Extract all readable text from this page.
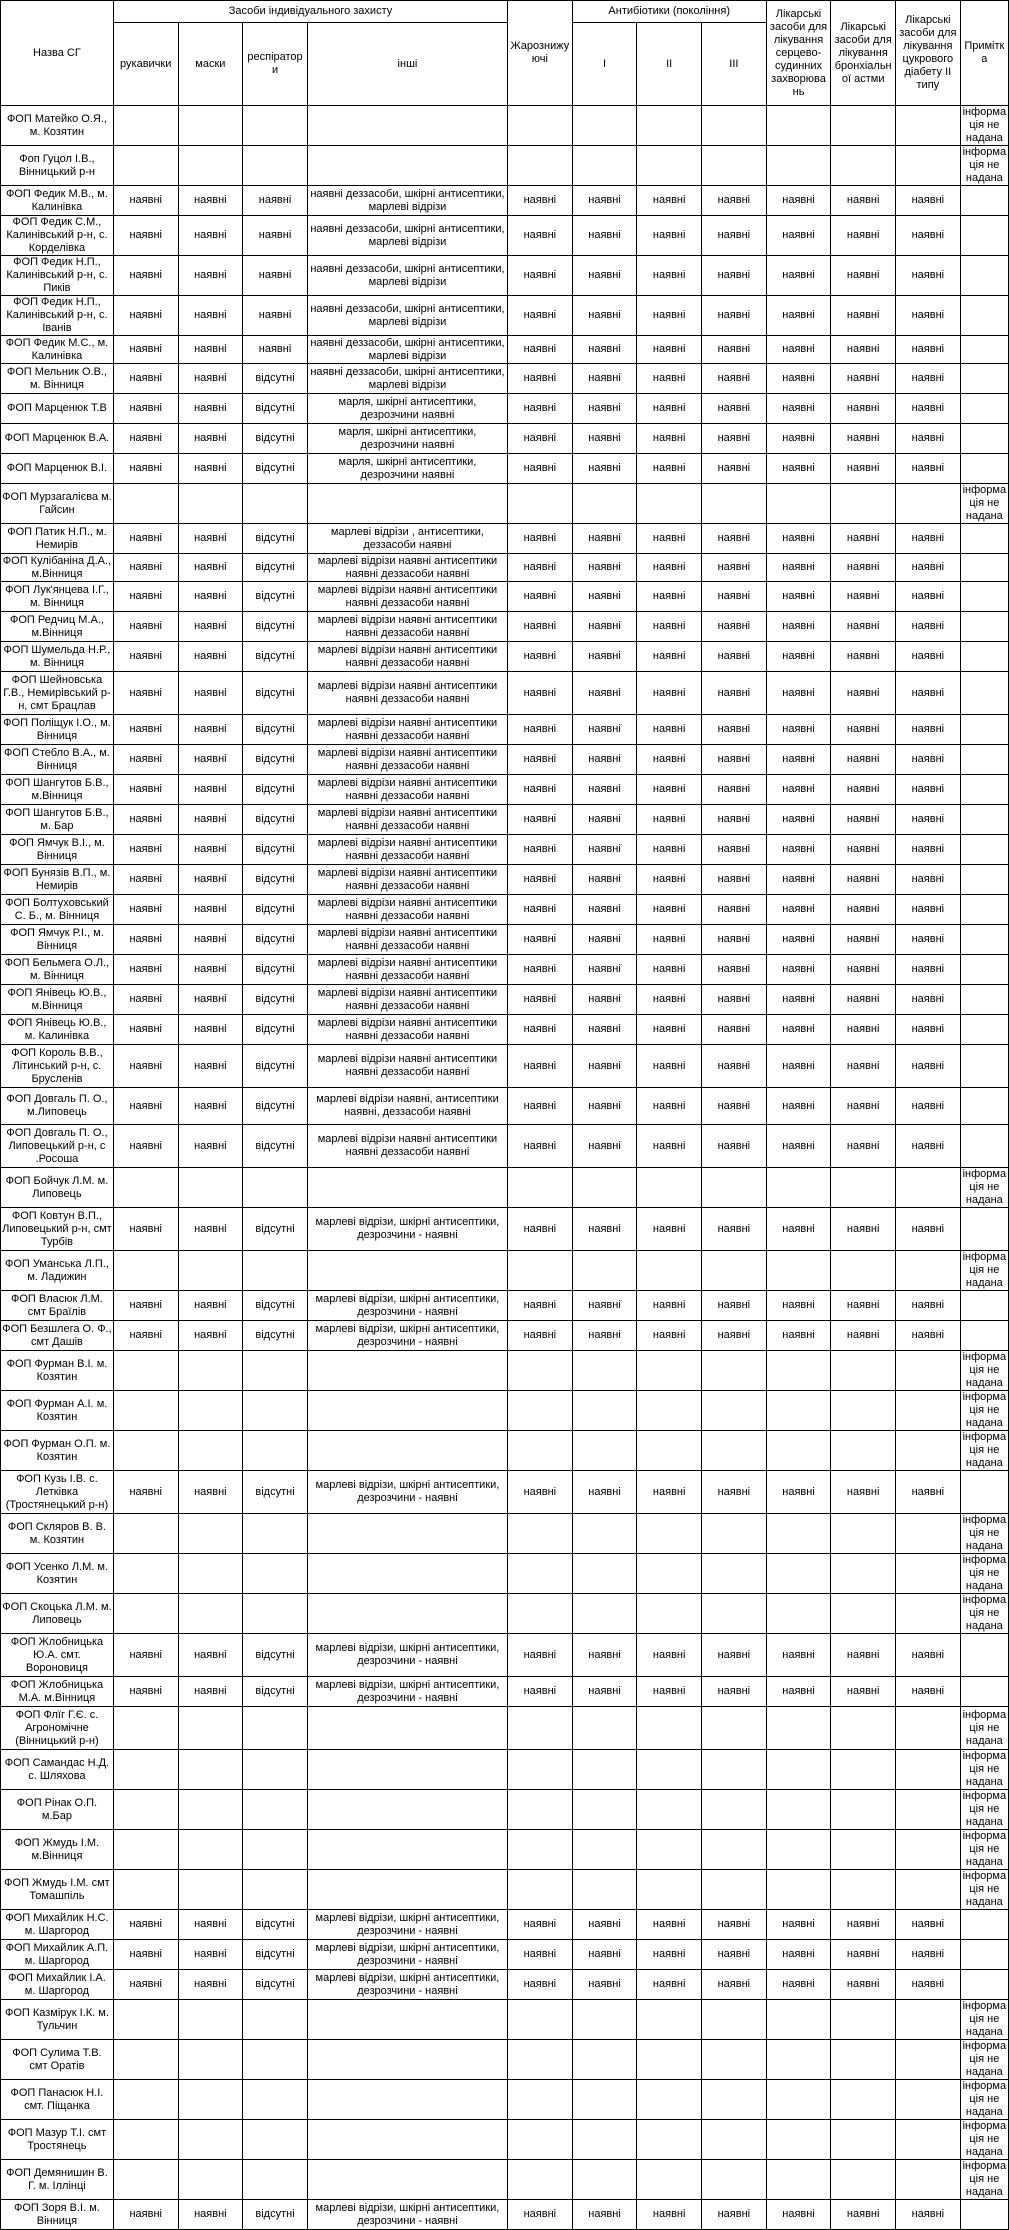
Назва СГ	Засоби індивідуального захисту				Жарознижуючі	Антибіотики (покоління)			Лікарські засоби для лікування серцево-судинних захворювань	Лікарські засоби для лікування бронхіальної астми	Лікарські засоби для лікування цукрового діабету ІІ типу	Примітка
	рукавички	маски	респіратор и	інші		І	ІІ	ІІІ				
ФОП Матейко О.Я., м. Козятин												інформація не надана
Фоп Гуцол І.В., Вінницький р-н												інформація не надана
ФОП Федик М.В., м. Калинівка	наявні	наявні	наявні	наявні деззасоби, шкірні антисептики, марлеві відрізи	наявні	наявні	наявні	наявні	наявні	наявні	наявні	
ФОП Федик С.М., Калинівський р-н, с. Корделівка	наявні	наявні	наявні	наявні деззасоби, шкірні антисептики, марлеві відрізи	наявні	наявні	наявні	наявні	наявні	наявні	наявні	
ФОП Федик Н.П., Калинівський р-н, с. Пиків	наявні	наявні	наявні	наявні деззасоби, шкірні антисептики, марлеві відрізи	наявні	наявні	наявні	наявні	наявні	наявні	наявні	
ФОП Федик Н.П., Калинівський р-н, с. Іванів	наявні	наявні	наявні	наявні деззасоби, шкірні антисептики, марлеві відрізи	наявні	наявні	наявні	наявні	наявні	наявні	наявні	
ФОП Федик М.С., м. Калинівка	наявні	наявні	наявні	наявні деззасоби, шкірні антисептики, марлеві відрізи	наявні	наявні	наявні	наявні	наявні	наявні	наявні	
ФОП Мельник О.В., м. Вінниця	наявні	наявні	відсутні	наявні деззасоби, шкірні антисептики, марлеві відрізи	наявні	наявні	наявні	наявні	наявні	наявні	наявні	
ФОП Марценюк Т.В	наявні	наявні	відсутні	марля, шкірні антисептики, дезрозчини наявні	наявні	наявні	наявні	наявні	наявні	наявні	наявні	
ФОП Марценюк В.А.	наявні	наявні	відсутні	марля, шкірні антисептики, дезрозчини наявні	наявні	наявні	наявні	наявні	наявні	наявні	наявні	
ФОП Марценюк В.І.	наявні	наявні	відсутні	марля, шкірні антисептики, дезрозчини наявні	наявні	наявні	наявні	наявні	наявні	наявні	наявні	
ФОП Мурзагалієва м. Гайсин												інформація не надана
ФОП Патик Н.П., м. Немирів	наявні	наявні	відсутні	марлеві відрізи , антисептики, деззасоби наявні	наявні	наявні	наявні	наявні	наявні	наявні	наявні	
ФОП Кулібаніна Д.А., м.Вінниця	наявні	наявні	відсутні	марлеві відрізи наявні антисептики наявні деззасоби наявні	наявні	наявні	наявні	наявні	наявні	наявні	наявні	
ФОП Лук'янцева І.Г., м. Вінниця	наявні	наявні	відсутні	марлеві відрізи наявні антисептики наявні деззасоби наявні	наявні	наявні	наявні	наявні	наявні	наявні	наявні	
ФОП Редчиц М.А., м.Вінниця	наявні	наявні	відсутні	марлеві відрізи наявні антисептики наявні деззасоби наявні	наявні	наявні	наявні	наявні	наявні	наявні	наявні	
ФОП Шумельда Н.Р., м. Вінниця	наявні	наявні	відсутні	марлеві відрізи наявні антисептики наявні деззасоби наявні	наявні	наявні	наявні	наявні	наявні	наявні	наявні	
ФОП Шейновська Г.В., Немирівський р-н, смт Брацлав	наявні	наявні	відсутні	марлеві відрізи наявні антисептики наявні деззасоби наявні	наявні	наявні	наявні	наявні	наявні	наявні	наявні	
ФОП Поліщук І.О., м. Вінниця	наявні	наявні	відсутні	марлеві відрізи наявні антисептики наявні деззасоби наявні	наявні	наявні	наявні	наявні	наявні	наявні	наявні	
ФОП Стебло В.А., м. Вінниця	наявні	наявні	відсутні	марлеві відрізи наявні антисептики наявні деззасоби наявні	наявні	наявні	наявні	наявні	наявні	наявні	наявні	
ФОП Шангутов Б.В., м.Вінниця	наявні	наявні	відсутні	марлеві відрізи наявні антисептики наявні деззасоби наявні	наявні	наявні	наявні	наявні	наявні	наявні	наявні	
ФОП Шангутов Б.В., м. Бар	наявні	наявні	відсутні	марлеві відрізи наявні антисептики наявні деззасоби наявні	наявні	наявні	наявні	наявні	наявні	наявні	наявні	
ФОП Ямчук В.І., м. Вінниця	наявні	наявні	відсутні	марлеві відрізи наявні антисептики наявні деззасоби наявні	наявні	наявні	наявні	наявні	наявні	наявні	наявні	
ФОП Бунязів В.П., м. Немирів	наявні	наявні	відсутні	марлеві відрізи наявні антисептики наявні деззасоби наявні	наявні	наявні	наявні	наявні	наявні	наявні	наявні	
ФОП Болтуховський С. Б., м. Вінниця	наявні	наявні	відсутні	марлеві відрізи наявні антисептики наявні деззасоби наявні	наявні	наявні	наявні	наявні	наявні	наявні	наявні	
ФОП Ямчук Р.І., м. Вінниця	наявні	наявні	відсутні	марлеві відрізи наявні антисептики наявні деззасоби наявні	наявні	наявні	наявні	наявні	наявні	наявні	наявні	
ФОП Бельмега О.Л., м. Вінниця	наявні	наявні	відсутні	марлеві відрізи наявні антисептики наявні деззасоби наявні	наявні	наявні	наявні	наявні	наявні	наявні	наявні	
ФОП Янівець Ю.В., м.Вінниця	наявні	наявні	відсутні	марлеві відрізи наявні антисептики наявні деззасоби наявні	наявні	наявні	наявні	наявні	наявні	наявні	наявні	
ФОП Янівець Ю.В., м. Калинівка	наявні	наявні	відсутні	марлеві відрізи наявні антисептики наявні деззасоби наявні	наявні	наявні	наявні	наявні	наявні	наявні	наявні	
ФОП Король В.В., Літинський р-н, с. Брусленів	наявні	наявні	відсутні	марлеві відрізи наявні антисептики наявні деззасоби наявні	наявні	наявні	наявні	наявні	наявні	наявні	наявні	
ФОП Довгаль П. О., м.Липовець	наявні	наявні	відсутні	марлеві відрізи наявні, антисептики наявні, деззасоби наявні	наявні	наявні	наявні	наявні	наявні	наявні	наявні	
ФОП Довгаль П. О., Липовецький р-н, с .Росоша	наявні	наявні	відсутні	марлеві відрізи наявні антисептики наявні деззасоби наявні	наявні	наявні	наявні	наявні	наявні	наявні	наявні	
ФОП Бойчук Л.М. м. Липовець												інформація не надана
ФОП Ковтун В.П., Липовецький р-н, смт Турбів	наявні	наявні	відсутні	марлеві відрізи, шкірні антисептики, дезрозчини - наявні	наявні	наявні	наявні	наявні	наявні	наявні	наявні	
ФОП Уманська Л.П., м. Ладижин												інформація не надана
ФОП Власюк Л.М. смт Браїлів	наявні	наявні	відсутні	марлеві відрізи, шкірні антисептики, дезрозчини - наявні	наявні	наявні	наявні	наявні	наявні	наявні	наявні	
ФОП Безшлега О. Ф., смт Дашів	наявні	наявні	відсутні	марлеві відрізи, шкірні антисептики, дезрозчини - наявні	наявні	наявні	наявні	наявні	наявні	наявні	наявні	
ФОП Фурман В.І. м. Козятин												інформація не надана
ФОП Фурман А.І. м. Козятин												інформація не надана
ФОП Фурман О.П. м. Козятин												інформація не надана
ФОП Кузь І.В. с. Летківка (Тростянецький р-н)	наявні	наявні	відсутні	марлеві відрізи, шкірні антисептики, дезрозчини - наявні	наявні	наявні	наявні	наявні	наявні	наявні	наявні	
ФОП Скляров В. В. м. Козятин												інформація не надана
ФОП Усенко Л.М. м. Козятин												інформація не надана
ФОП Скоцька Л.М. м. Липовець												інформація не надана
ФОП Жлобницька Ю.А. смт. Вороновиця	наявні	наявні	відсутні	марлеві відрізи, шкірні антисептики, дезрозчини - наявні	наявні	наявні	наявні	наявні	наявні	наявні	наявні	
ФОП Жлобницька М.А. м.Вінниця	наявні	наявні	відсутні	марлеві відрізи, шкірні антисептики, дезрозчини - наявні	наявні	наявні	наявні	наявні	наявні	наявні	наявні	
ФОП Флїг Г.Є. с. Агрономічне (Вінницький р-н)												інформація не надана
ФОП Самандас Н.Д. с. Шляхова												інформація не надана
ФОП Рінак О.П. м.Бар												інформація не надана
ФОП Жмудь І.М. м.Вінниця												інформація не надана
ФОП Жмудь І.М. смт Томашпіль												інформація не надана
ФОП Михайлик Н.С. м. Шаргород	наявні	наявні	відсутні	марлеві відрізи, шкірні антисептики, дезрозчини - наявні	наявні	наявні	наявні	наявні	наявні	наявні	наявні	
ФОП Михайлик А.П. м. Шаргород	наявні	наявні	відсутні	марлеві відрізи, шкірні антисептики, дезрозчини - наявні	наявні	наявні	наявні	наявні	наявні	наявні	наявні	
ФОП Михайлик І.А. м. Шаргород	наявні	наявні	відсутні	марлеві відрізи, шкірні антисептики, дезрозчини - наявні	наявні	наявні	наявні	наявні	наявні	наявні	наявні	
ФОП Казмірук І.К. м. Тульчин												інформація не надана
ФОП Сулима Т.В. смт Оратів												інформація не надана
ФОП Панасюк Н.І. смт. Піщанка												інформація не надана
ФОП Мазур Т.І. смт Тростянець												інформація не надана
ФОП Демянишин В. Г. м. Іллінці												інформація не надана
ФОП Зоря В.І. м. Вінниця	наявні	наявні	відсутні	марлеві відрізи, шкірні антисептики, дезрозчини - наявні	наявні	наявні	наявні	наявні	наявні	наявні	наявні	
